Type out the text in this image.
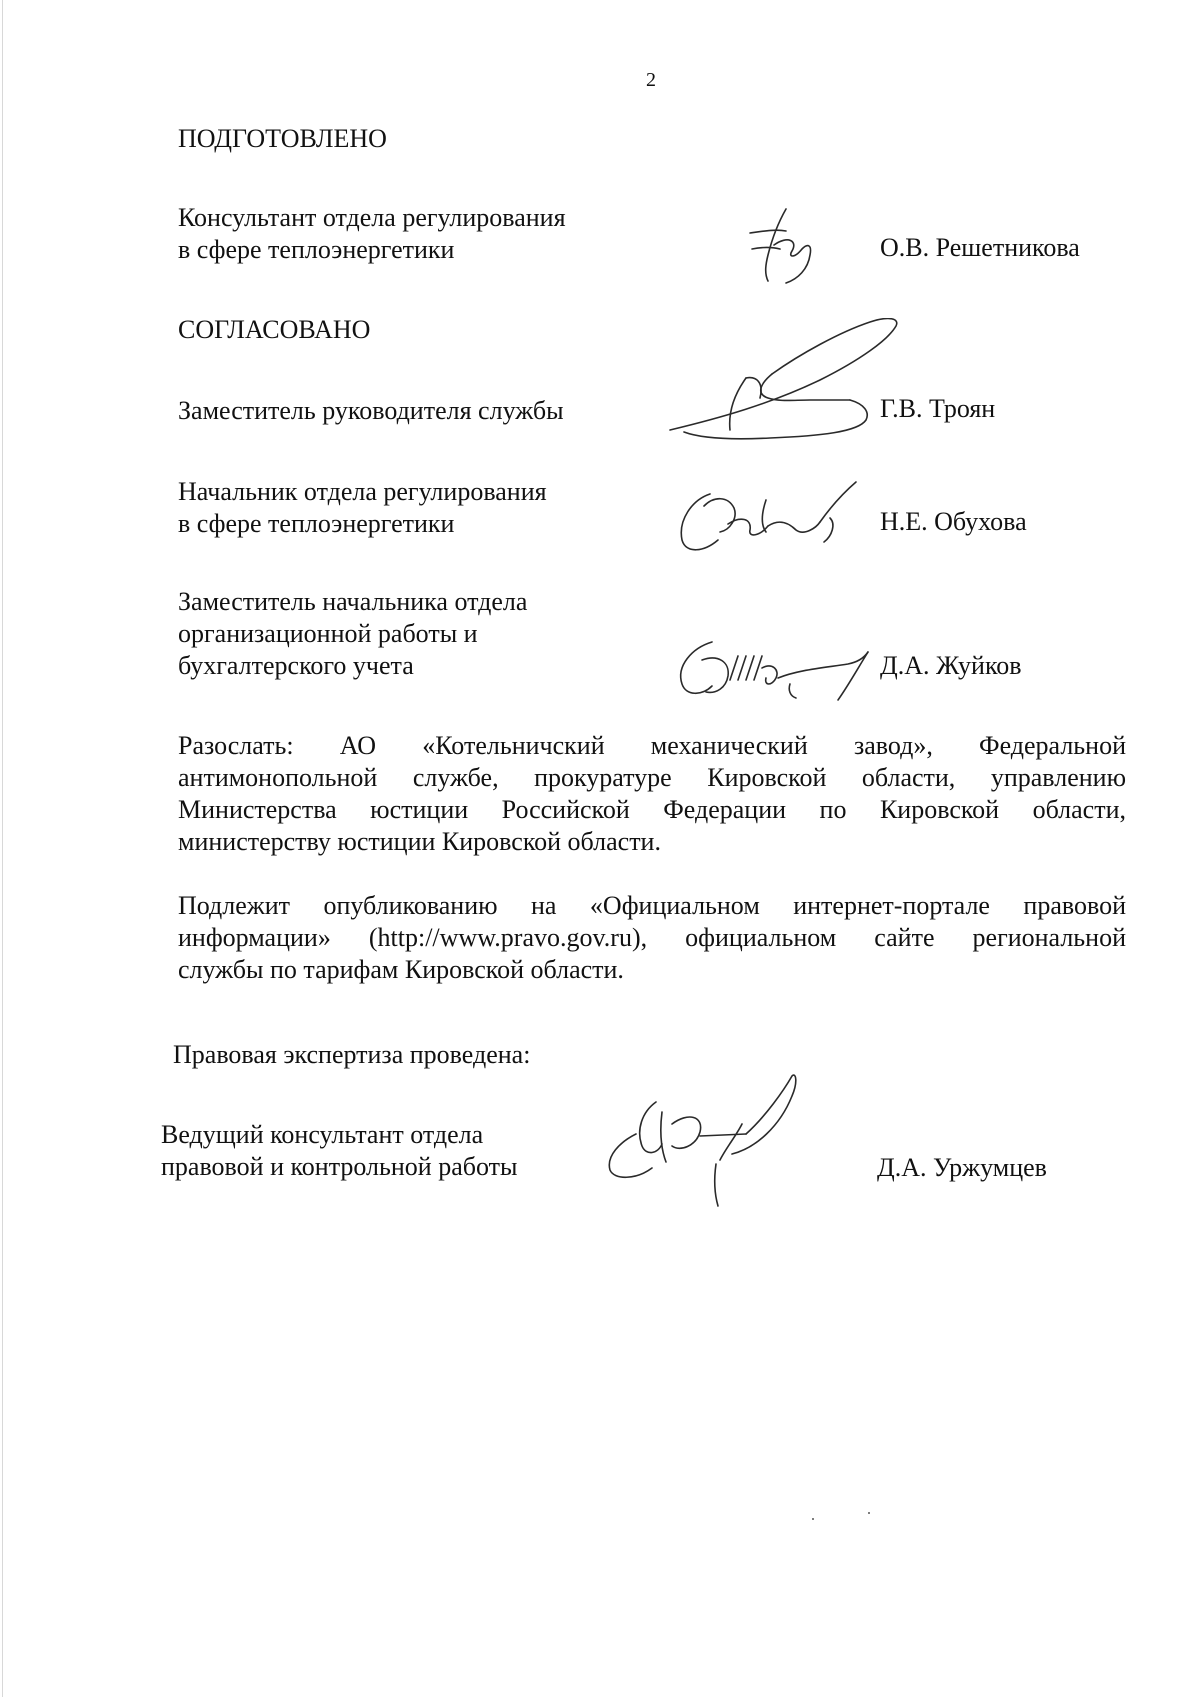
2
ПОДГОТОВЛЕНО
Консультант отдела регулирования
в сфере теплоэнергетики	О.В. Решетникова
СОГЛАСОВАНО
Заместитель руководителя службы	Г.В. Троян
Начальник отдела регулирования
в сфере теплоэнергетики	Н.Е. Обухова
Заместитель начальника отдела
организационной работы и
бухгалтерского учета	Д.А. Жуйков
Разослать: АО «Котельничский механический завод», Федеральной
антимонопольной службе, прокуратуре Кировской области, управлению
Министерства юстиции Российской Федерации по Кировской области,
министерству юстиции Кировской области.
Подлежит опубликованию на «Официальном интернет-портале правовой
информации» (http://www.pravo.gov.ru), официальном сайте региональной
службы по тарифам Кировской области.
Правовая экспертиза проведена:
Ведущий консультант отдела
правовой и контрольной работы	Д.А. Уржумцев
